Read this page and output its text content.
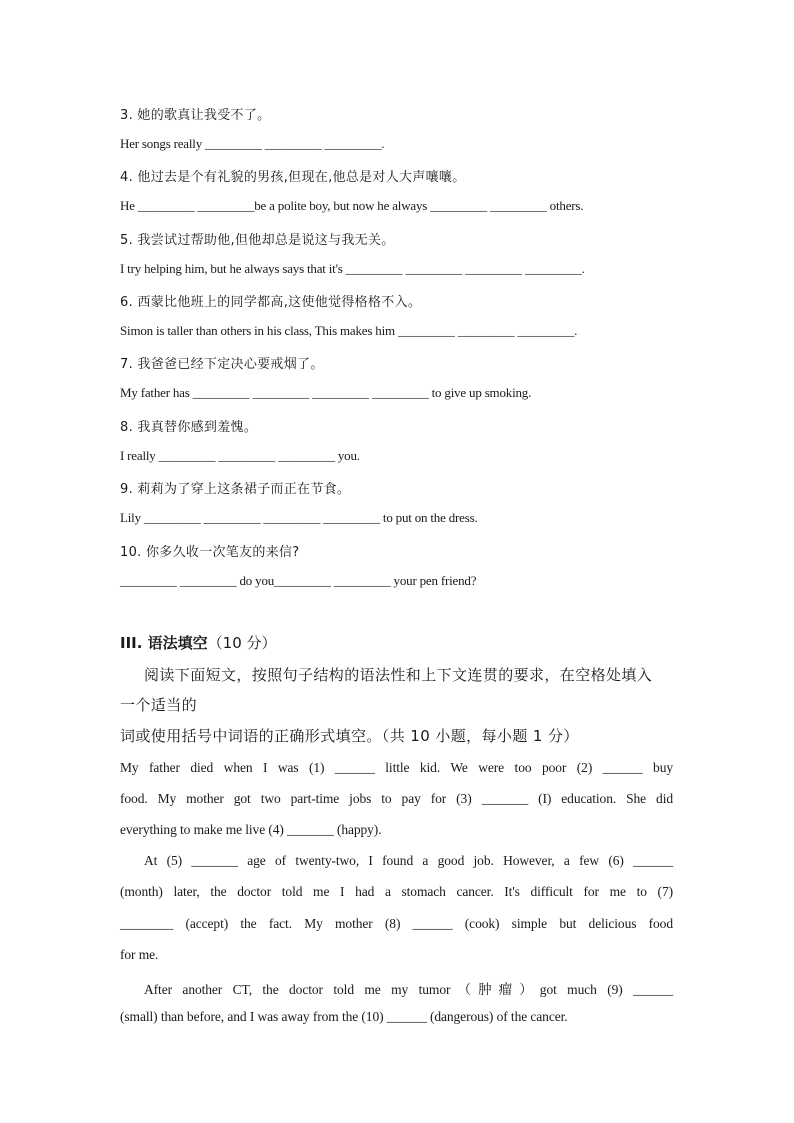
3. 她的歌真让我受不了。
Her songs really _________ _________ _________.
4. 他过去是个有礼貌的男孩,但现在,他总是对人大声嚷嚷。
He _________ _________be a polite boy, but now he always _________ _________ others.
5. 我尝试过帮助他,但他却总是说这与我无关。
I try helping him, but he always says that it's _________ _________ _________ _________.
6. 西蒙比他班上的同学都高,这使他觉得格格不入。
Simon is taller than others in his class, This makes him _________ _________ _________.
7. 我爸爸已经下定决心要戒烟了。
My father has _________ _________ _________ _________ to give up smoking.
8. 我真替你感到羞愧。
I really _________ _________ _________ you.
9. 莉莉为了穿上这条裙子而正在节食。
Lily _________ _________ _________ _________ to put on the dress.
10. 你多久收一次笔友的来信?
_________ _________ do you_________ _________ your pen friend?
III. 语法填空（10 分）
阅读下面短文，按照句子结构的语法性和上下文连贯的要求，在空格处填入
一个适当的
词或使用括号中词语的正确形式填空。（共 10 小题，每小题 1 分）
My father died when I was (1) ______ little kid. We were too poor (2) ______ buy
food. My mother got two part-time jobs to pay for (3) _______ (I) education. She did
everything to make me live (4) _______ (happy).
At (5) _______ age of twenty-two, I found a good job. However, a few (6) ______
(month) later, the doctor told me I had a stomach cancer. It's difficult for me to (7)
________ (accept) the fact. My mother (8) ______ (cook) simple but delicious food
for me.
After another CT, the doctor told me my tumor（肿瘤）got much (9) ______
(small) than before, and I was away from the (10) ______ (dangerous) of the cancer.
